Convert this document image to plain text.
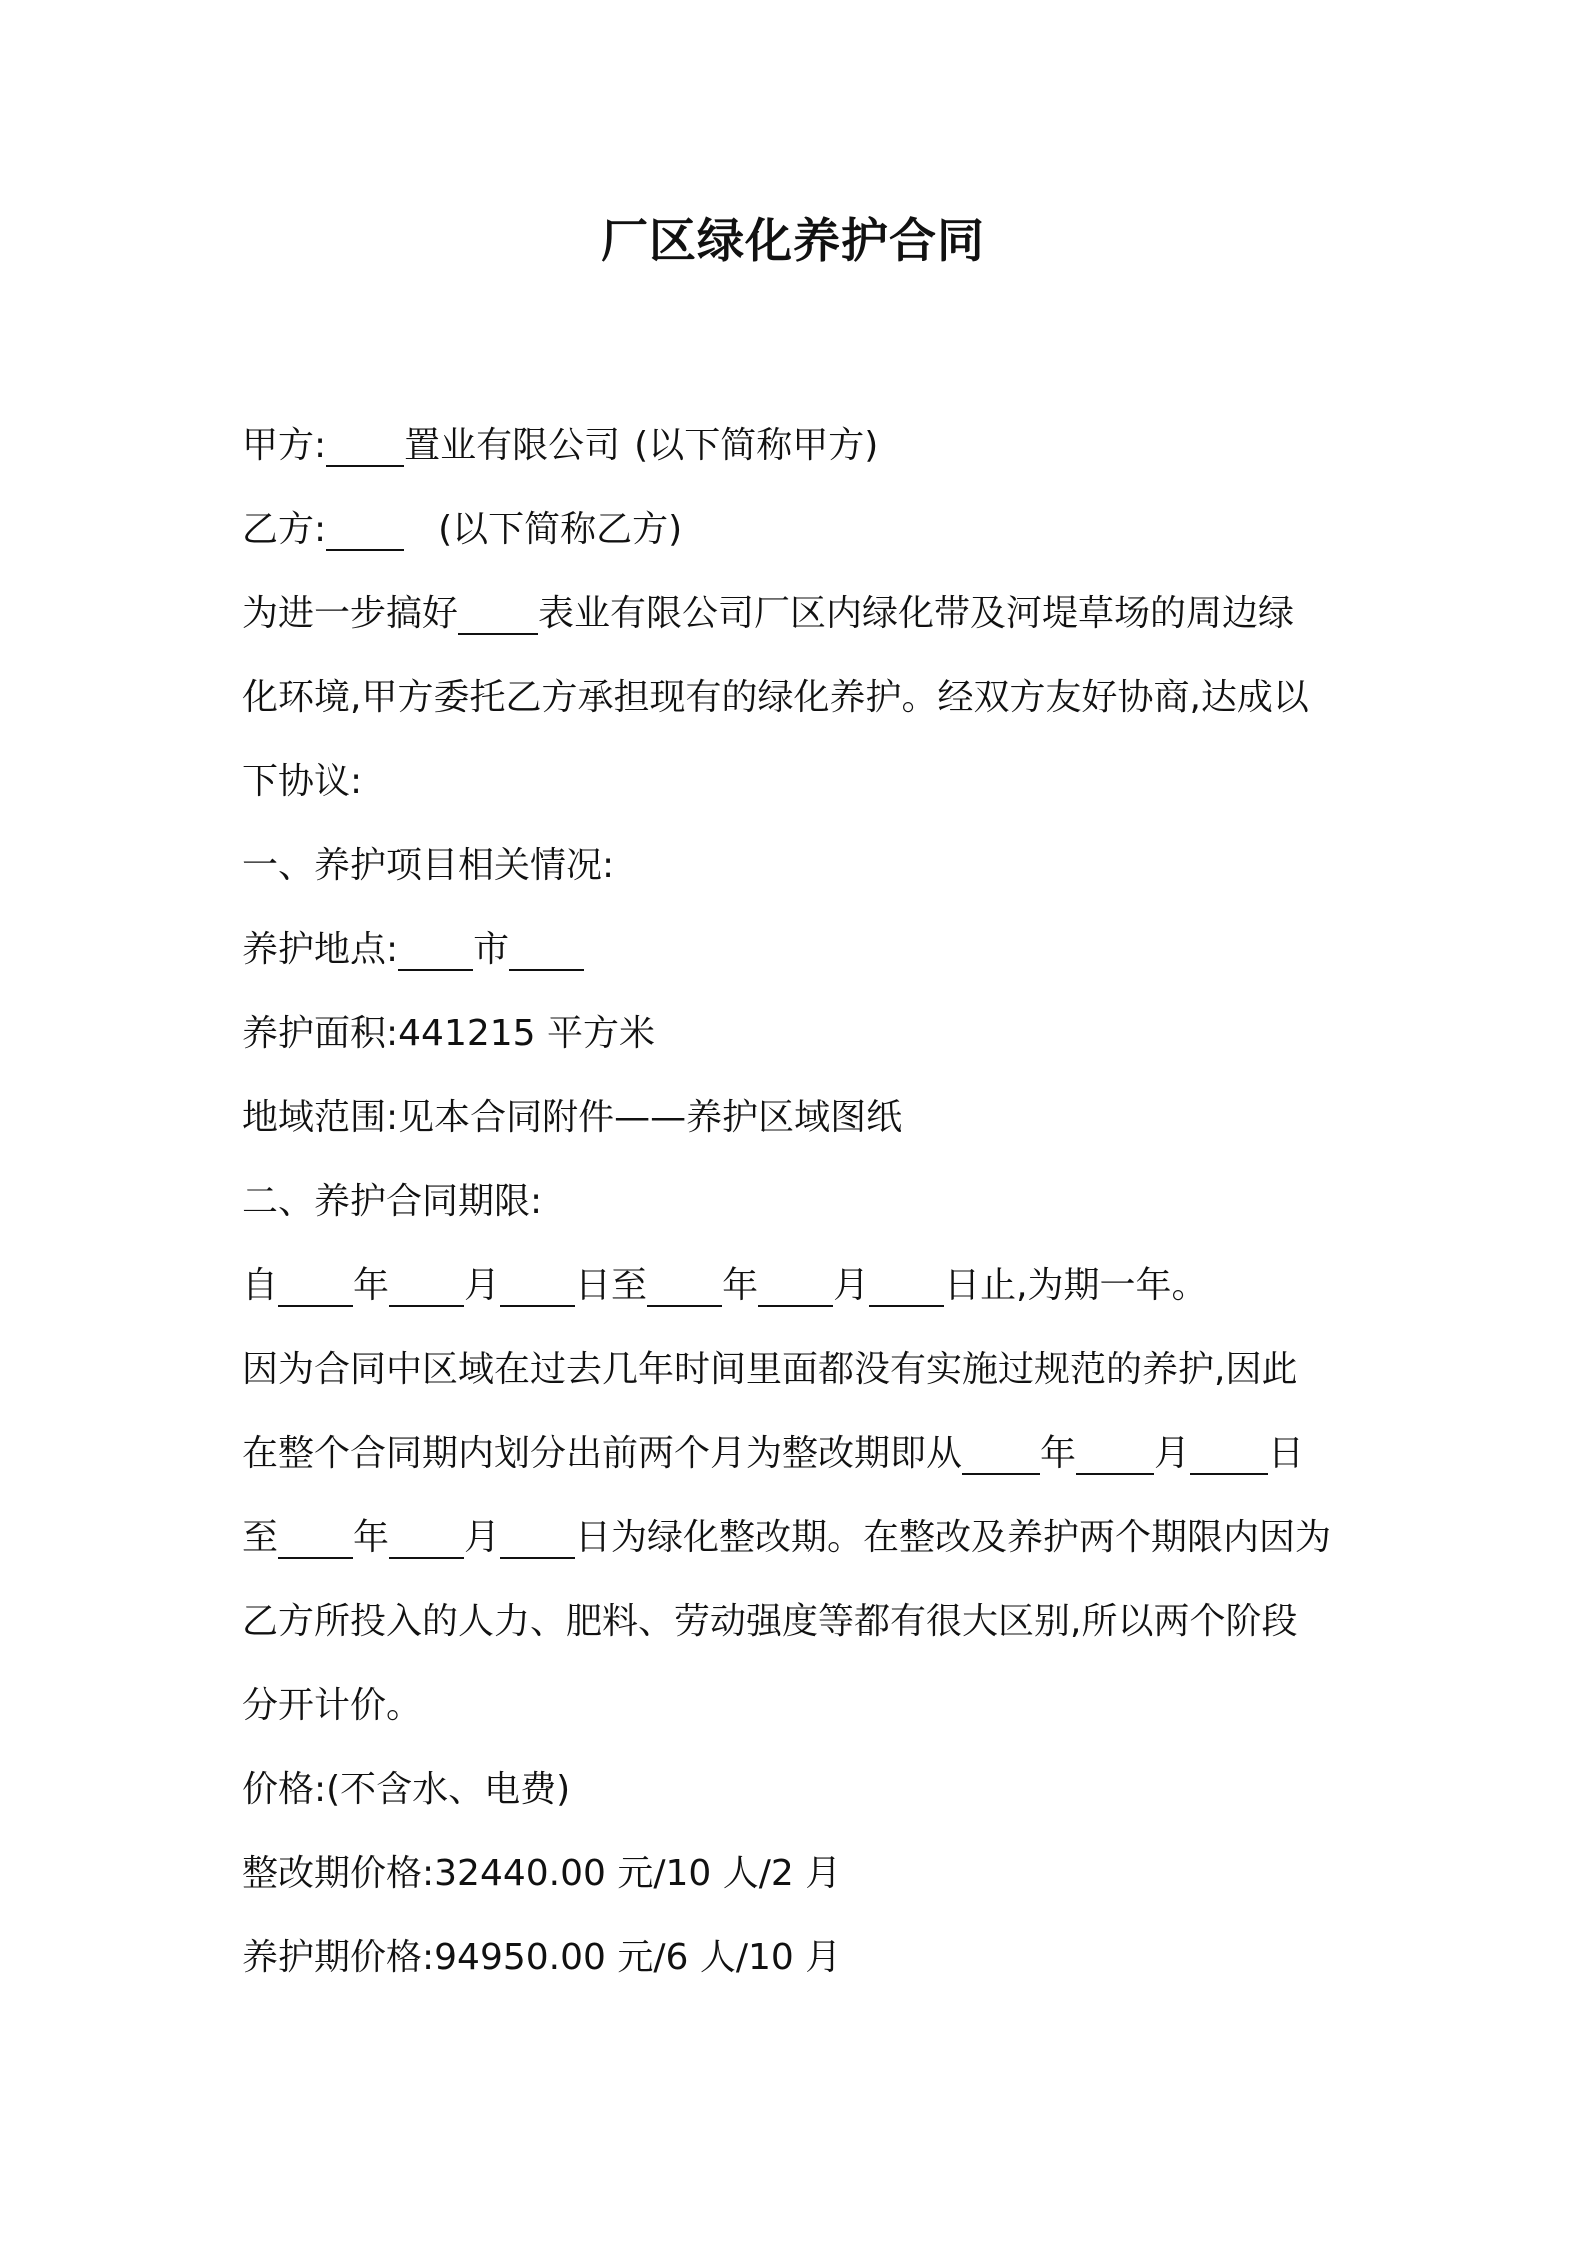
厂区绿化养护合同
甲方: 置业有限公司 (以下简称甲方)
乙方:	(以下简称乙方)
为进一步搞好 表业有限公司厂区内绿化带及河堤草场的周边绿
化环境,甲方委托乙方承担现有的绿化养护。经双方友好协商,达成以
下协议:
一、养护项目相关情况:
养护地点: 市
养护面积:441215 平方米
地域范围:见本合同附件——养护区域图纸
二、养护合同期限:
自 年 月 日至 年 月 日止,为期一年。
因为合同中区域在过去几年时间里面都没有实施过规范的养护,因此
在整个合同期内划分出前两个月为整改期即从 年 月 日
至 年 月 日为绿化整改期。在整改及养护两个期限内因为
乙方所投入的人力、肥料、劳动强度等都有很大区别,所以两个阶段
分开计价。
价格:(不含水、电费)
整改期价格:32440.00 元/10 人/2 月
养护期价格:94950.00 元/6 人/10 月
